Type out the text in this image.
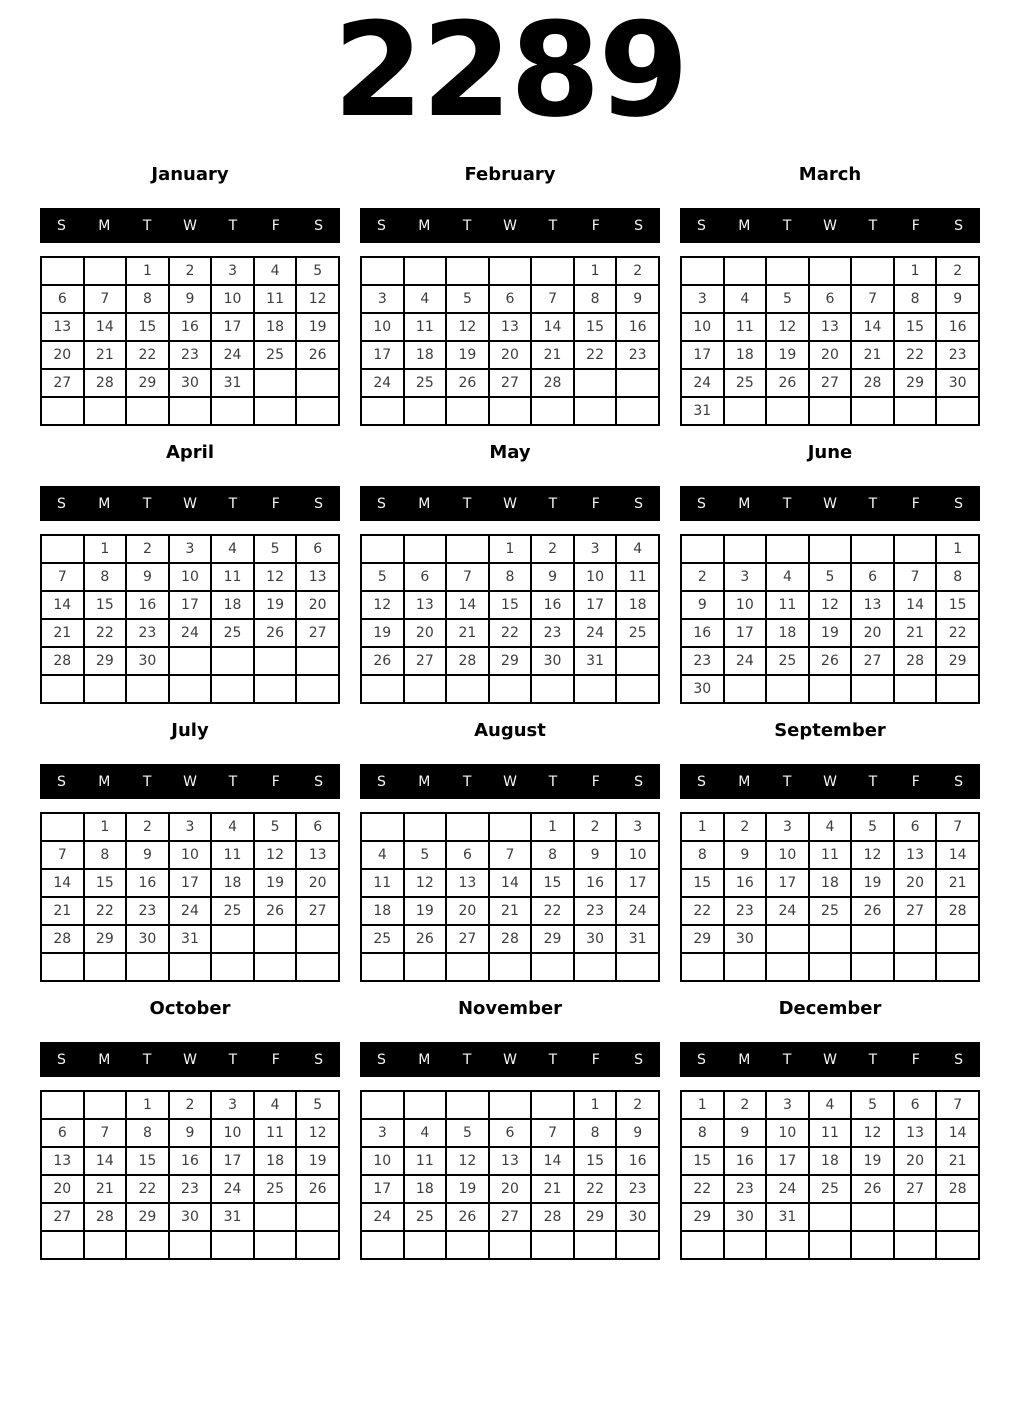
2289
January
S	M	T	W	T	F	S
		1	2	3	4	5
6	7	8	9	10	11	12
13	14	15	16	17	18	19
20	21	22	23	24	25	26
27	28	29	30	31		

February
S	M	T	W	T	F	S
					1	2
3	4	5	6	7	8	9
10	11	12	13	14	15	16
17	18	19	20	21	22	23
24	25	26	27	28		

March
S	M	T	W	T	F	S
					1	2
3	4	5	6	7	8	9
10	11	12	13	14	15	16
17	18	19	20	21	22	23
24	25	26	27	28	29	30
31						
April
S	M	T	W	T	F	S
	1	2	3	4	5	6
7	8	9	10	11	12	13
14	15	16	17	18	19	20
21	22	23	24	25	26	27
28	29	30				

May
S	M	T	W	T	F	S
			1	2	3	4
5	6	7	8	9	10	11
12	13	14	15	16	17	18
19	20	21	22	23	24	25
26	27	28	29	30	31	

June
S	M	T	W	T	F	S
						1
2	3	4	5	6	7	8
9	10	11	12	13	14	15
16	17	18	19	20	21	22
23	24	25	26	27	28	29
30						
July
S	M	T	W	T	F	S
	1	2	3	4	5	6
7	8	9	10	11	12	13
14	15	16	17	18	19	20
21	22	23	24	25	26	27
28	29	30	31			

August
S	M	T	W	T	F	S
				1	2	3
4	5	6	7	8	9	10
11	12	13	14	15	16	17
18	19	20	21	22	23	24
25	26	27	28	29	30	31

September
S	M	T	W	T	F	S
1	2	3	4	5	6	7
8	9	10	11	12	13	14
15	16	17	18	19	20	21
22	23	24	25	26	27	28
29	30					

October
S	M	T	W	T	F	S
		1	2	3	4	5
6	7	8	9	10	11	12
13	14	15	16	17	18	19
20	21	22	23	24	25	26
27	28	29	30	31		

November
S	M	T	W	T	F	S
					1	2
3	4	5	6	7	8	9
10	11	12	13	14	15	16
17	18	19	20	21	22	23
24	25	26	27	28	29	30

December
S	M	T	W	T	F	S
1	2	3	4	5	6	7
8	9	10	11	12	13	14
15	16	17	18	19	20	21
22	23	24	25	26	27	28
29	30	31				
